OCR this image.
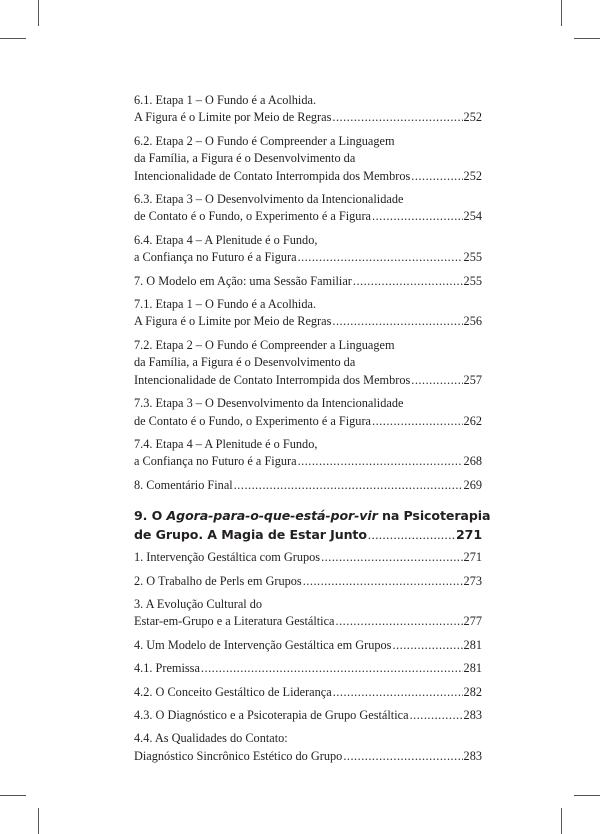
6.1. Etapa 1 – O Fundo é a Acolhida.
A Figura é o Limite por Meio de Regras .....	252
6.2. Etapa 2 – O Fundo é Compreender a Linguagem
da Família, a Figura é o Desenvolvimento da
Intencionalidade de Contato Interrompida dos Membros .....	252
6.3. Etapa 3 – O Desenvolvimento da Intencionalidade
de Contato é o Fundo, o Experimento é a Figura .....	254
6.4. Etapa 4 – A Plenitude é o Fundo,
a Confiança no Futuro é a Figura .....	255
7. O Modelo em Ação: uma Sessão Familiar .....	255
7.1. Etapa 1 – O Fundo é a Acolhida.
A Figura é o Limite por Meio de Regras .....	256
7.2. Etapa 2 – O Fundo é Compreender a Linguagem
da Família, a Figura é o Desenvolvimento da
Intencionalidade de Contato Interrompida dos Membros .....	257
7.3. Etapa 3 – O Desenvolvimento da Intencionalidade
de Contato é o Fundo, o Experimento é a Figura .....	262
7.4. Etapa 4 – A Plenitude é o Fundo,
a Confiança no Futuro é a Figura .....	268
8. Comentário Final .....	269
9. O Agora-para-o-que-está-por-vir na Psicoterapia
de Grupo. A Magia de Estar Junto .....	271
1. Intervenção Gestáltica com Grupos .....	271
2. O Trabalho de Perls em Grupos .....	273
3. A Evolução Cultural do
Estar-em-Grupo e a Literatura Gestáltica .....	277
4. Um Modelo de Intervenção Gestáltica em Grupos .....	281
4.1. Premissa .....	281
4.2. O Conceito Gestáltico de Liderança .....	282
4.3. O Diagnóstico e a Psicoterapia de Grupo Gestáltica .....	283
4.4. As Qualidades do Contato:
Diagnóstico Sincrônico Estético do Grupo .....	283
